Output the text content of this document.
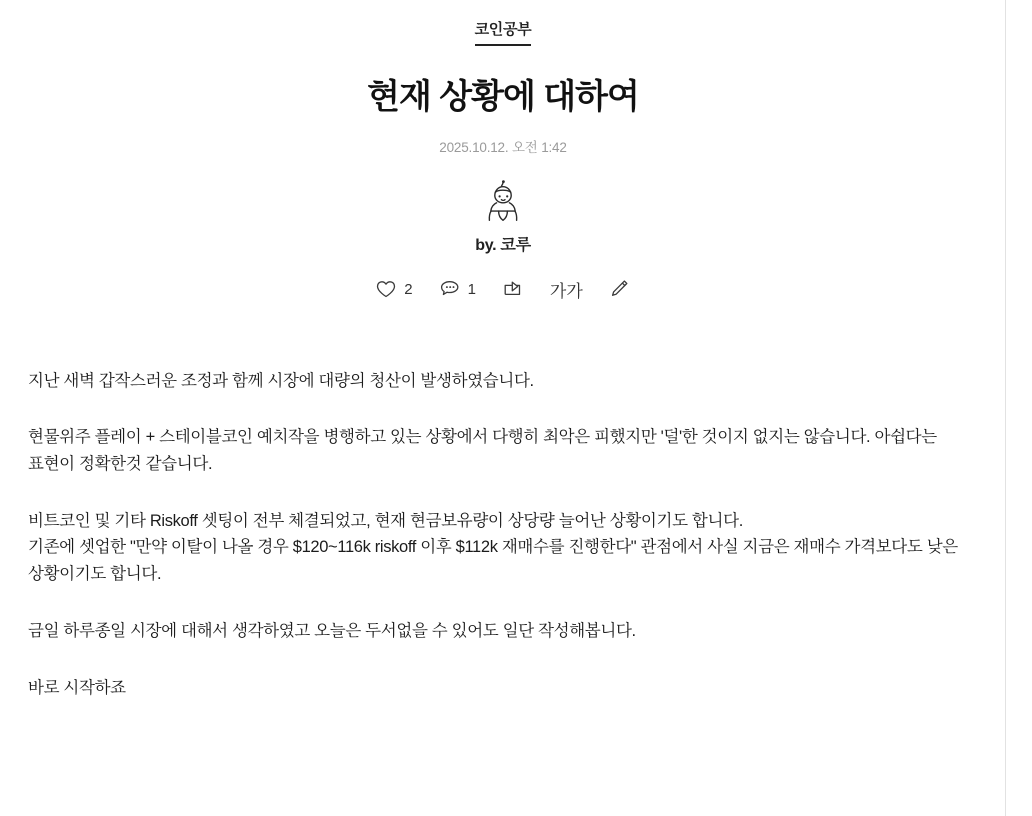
코인공부
현재 상황에 대하여
2025.10.12. 오전 1:42
by. 코루
2	1	가가

지난 새벽 갑작스러운 조정과 함께 시장에 대량의 청산이 발생하였습니다.

현물위주 플레이 + 스테이블코인 예치작을 병행하고 있는 상황에서 다행히 최악은 피했지만 '덜'한 것이지 없지는 않습니다. 아쉽다는 표현이 정확한것 같습니다.

비트코인 및 기타 Riskoff 셋팅이 전부 체결되었고, 현재 현금보유량이 상당량 늘어난 상황이기도 합니다.
기존에 셋업한 "만약 이탈이 나올 경우 $120~116k riskoff 이후 $112k 재매수를 진행한다" 관점에서 사실 지금은 재매수 가격보다도 낮은 상황이기도 합니다.

금일 하루종일 시장에 대해서 생각하였고 오늘은 두서없을 수 있어도 일단 작성해봅니다.

바로 시작하죠
